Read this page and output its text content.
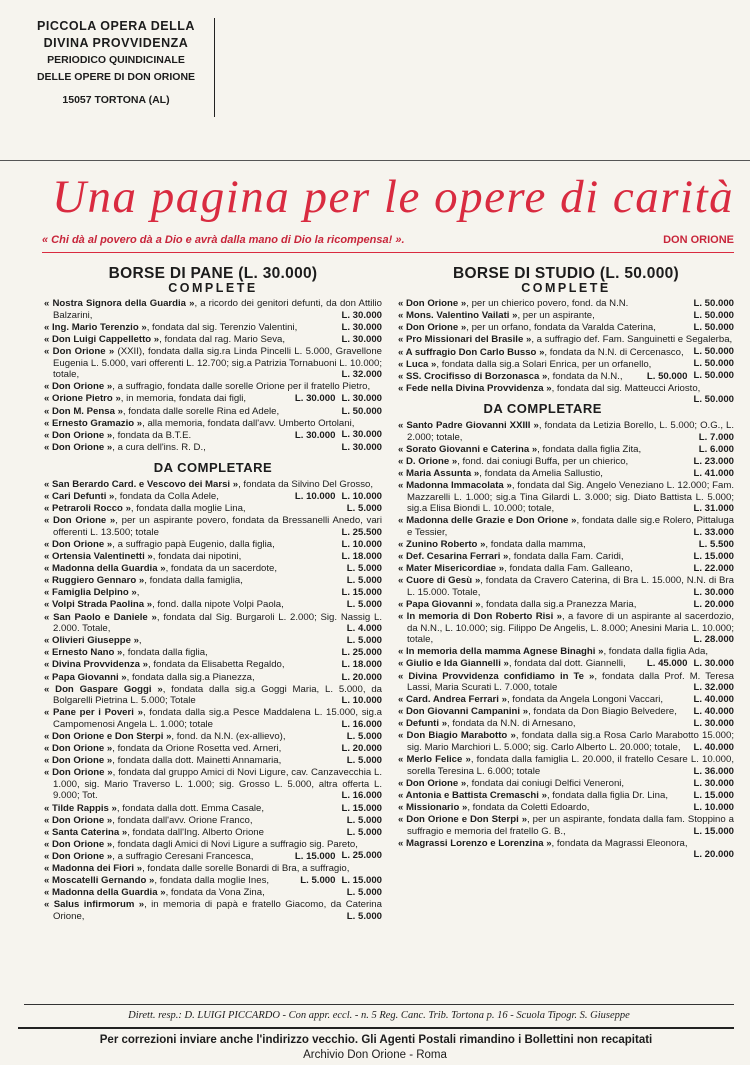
PICCOLA OPERA DELLA
DIVINA PROVVIDENZA
PERIODICO QUINDICINALE
DELLE OPERE DI DON ORIONE
15057 TORTONA (AL)
Una pagina per le opere di carità
« Chi dà al povero dà a Dio e avrà dalla mano di Dio la ricompensa! ».	DON ORIONE
BORSE DI PANE (L. 30.000)
COMPLETE
« Nostra Signora della Guardia », a ricordo dei genitori defunti, da don Attilio Balzarini,	L. 30.000
« Ing. Mario Terenzio », fondata dal sig. Terenzio Valentini,	L. 30.000
« Don Luigi Cappelletto », fondata dal rag. Mario Seva,	L. 30.000
« Don Orione » (XXII), fondata dalla sig.ra Linda Pincelli L. 5.000, Gravellone Eugenia L. 5.000, vari offerenti L. 12.700; sig.a Patrizia Tornabuoni L. 10.000; totale,	L. 32.000
« Don Orione », a suffragio, fondata dalle sorelle Orione per il fratello Pietro,
L. 30.000
« Orione Pietro », in memoria, fondata dai figli,	L. 30.000
« Don M. Pensa », fondata dalle sorelle Rina ed Adele,	L. 50.000
« Ernesto Gramazio », alla memoria, fondata dall'avv. Umberto Ortolani,
L. 30.000
« Don Orione », fondata da B.T.E.	L. 30.000
« Don Orione », a cura dell'ins. R. D.,	L. 30.000
DA COMPLETARE
« San Berardo Card. e Vescovo dei Marsi », fondata da Silvino Del Grosso,
L. 10.000
« Cari Defunti », fondata da Colla Adele,	L. 10.000
« Petraroli Rocco », fondata dalla moglie Lina,	L. 5.000
« Don Orione », per un aspirante povero, fondata da Bressanelli Anedo, vari offerenti L. 13.500; totale	L. 25.500
« Don Orione », a suffragio papà Eugenio, dalla figlia,	L. 10.000
« Ortensia Valentinetti », fondata dai nipotini,	L. 18.000
« Madonna della Guardia », fondata da un sacerdote,	L. 5.000
« Ruggiero Gennaro », fondata dalla famiglia,	L. 5.000
« Famiglia Delpino »,	L. 15.000
« Volpi Strada Paolina », fond. dalla nipote Volpi Paola,	L. 5.000
« San Paolo e Daniele », fondata dal Sig. Burgaroli L. 2.000; Sig. Nassig L. 2.000. Totale,	L. 4.000
« Olivieri Giuseppe »,	L. 5.000
« Ernesto Nano », fondata dalla figlia,	L. 25.000
« Divina Provvidenza », fondata da Elisabetta Regaldo,	L. 18.000
« Papa Giovanni », fondata dalla sig.a Pianezza,	L. 20.000
« Don Gaspare Goggi », fondata dalla sig.a Goggi Maria, L. 5.000, da Bolgarelli Pietrina L. 5.000; Totale	L. 10.000
« Pane per i Poveri », fondata dalla sig.a Pesce Maddalena L. 15.000, sig.a Campomenosi Angela L. 1.000; totale	L. 16.000
« Don Orione e Don Sterpi », fond. da N.N. (ex-allievo),	L. 5.000
« Don Orione », fondata da Orione Rosetta ved. Arneri,	L. 20.000
« Don Orione », fondata dalla dott. Mainetti Annamaria,	L. 5.000
« Don Orione », fondata dal gruppo Amici di Novi Ligure, cav. Canzavecchia L. 1.000, sig. Mario Traverso L. 1.000; sig. Grosso L. 5.000, altra offerta L. 9.000; Tot.	L. 16.000
« Tilde Rappis », fondata dalla dott. Emma Casale,	L. 15.000
« Don Orione », fondata dall'avv. Orione Franco,	L. 5.000
« Santa Caterina », fondata dall'Ing. Alberto Orione	L. 5.000
« Don Orione », fondata dagli Amici di Novi Ligure a suffragio sig. Pareto,
L. 25.000
« Don Orione », a suffragio Ceresani Francesca,	L. 15.000
« Madonna dei Fiori », fondata dalle sorelle Bonardi di Bra, a suffragio,
L. 15.000
« Moscatelli Gernando », fondata dalla moglie Ines,	L. 5.000
« Madonna della Guardia », fondata da Vona Zina,	L. 5.000
« Salus infirmorum », in memoria di papà e fratello Giacomo, da Caterina Orione,	L. 5.000
BORSE DI STUDIO (L. 50.000)
COMPLETE
« Don Orione », per un chierico povero, fond. da N.N.	L. 50.000
« Mons. Valentino Vailati », per un aspirante,	L. 50.000
« Don Orione », per un orfano, fondata da Varalda Caterina,	L. 50.000
« Pro Missionari del Brasile », a suffragio def. Fam. Sanguinetti e Segalerba,
L. 50.000
« A suffragio Don Carlo Busso », fondata da N.N. di Cercenasco,
L. 50.000
« Luca », fondata dalla sig.a Solari Enrica, per un orfanello,
L. 50.000
« SS. Crocifisso di Borzonasca », fondata da N.N.,	L. 50.000
« Fede nella Divina Provvidenza », fondata dal sig. Matteucci Ariosto,
L. 50.000
DA COMPLETARE
« Santo Padre Giovanni XXIII », fondata da Letizia Borello, L. 5.000; O.G., L. 2.000; totale,	L. 7.000
« Sorato Giovanni e Caterina », fondata dalla figlia Zita,	L. 6.000
« D. Orione », fond. dai coniugi Buffa, per un chierico,	L. 23.000
« Maria Assunta », fondata da Amelia Sallustio,	L. 41.000
« Madonna Immacolata », fondata dal Sig. Angelo Veneziano L. 12.000; Fam. Mazzarelli L. 1.000; sig.a Tina Gilardi L. 3.000; sig. Diato Battista L. 5.000; sig.a Elisa Biondi L. 10.000; totale,	L. 31.000
« Madonna delle Grazie e Don Orione », fondata dalle sig.e Rolero, Pittaluga e Tessier,	L. 33.000
« Zunino Roberto », fondata dalla mamma,	L. 5.500
« Def. Cesarina Ferrari », fondata dalla Fam. Caridi,	L. 15.000
« Mater Misericordiae », fondata dalla Fam. Galleano,	L. 22.000
« Cuore di Gesù », fondata da Cravero Caterina, di Bra L. 15.000, N.N. di Bra L. 15.000. Totale,	L. 30.000
« Papa Giovanni », fondata dalla sig.a Pranezza Maria,	L. 20.000
« In memoria di Don Roberto Risi », a favore di un aspirante al sacerdozio, da N.N., L. 10.000; sig. Filippo De Angelis, L. 8.000; Anesini Maria L. 10.000; totale,	L. 28.000
« In memoria della mamma Agnese Binaghi », fondata dalla figlia Ada,
L. 30.000
« Giulio e Ida Giannelli », fondata dal dott. Giannelli,	L. 45.000
« Divina Provvidenza confidiamo in Te », fondata dalla Prof. M. Teresa Lassi, Maria Scurati L. 7.000, totale	L. 32.000
« Card. Andrea Ferrari », fondata da Angela Longoni Vaccari,	L. 40.000
« Don Giovanni Campanini », fondata da Don Biagio Belvedere,	L. 40.000
« Defunti », fondata da N.N. di Arnesano,	L. 30.000
« Don Biagio Marabotto », fondata dalla sig.a Rosa Carlo Marabotto 15.000; sig. Mario Marchiori L. 5.000; sig. Carlo Alberto L. 20.000; totale,	L. 40.000
« Merlo Felice », fondata dalla famiglia L. 20.000, il fratello Cesare L. 10.000, sorella Teresina L. 6.000; totale	L. 36.000
« Don Orione », fondata dai coniugi Delfici Veneroni,	L. 30.000
« Antonia e Battista Cremaschi », fondata dalla figlia Dr. Lina,	L. 15.000
« Missionario », fondata da Coletti Edoardo,	L. 10.000
« Don Orione e Don Sterpi », per un aspirante, fondata dalla fam. Stoppino a suffragio e memoria del fratello G. B.,	L. 15.000
« Magrassi Lorenzo e Lorenzina », fondata da Magrassi Eleonora,
L. 20.000
Dirett. resp.: D. LUIGI PICCARDO - Con appr. eccl. - n. 5 Reg. Canc. Trib. Tortona p. 16 - Scuola Tipogr. S. Giuseppe
Per correzioni inviare anche l'indirizzo vecchio. Gli Agenti Postali rimandino i Bollettini non recapitati
Archivio Don Orione - Roma
